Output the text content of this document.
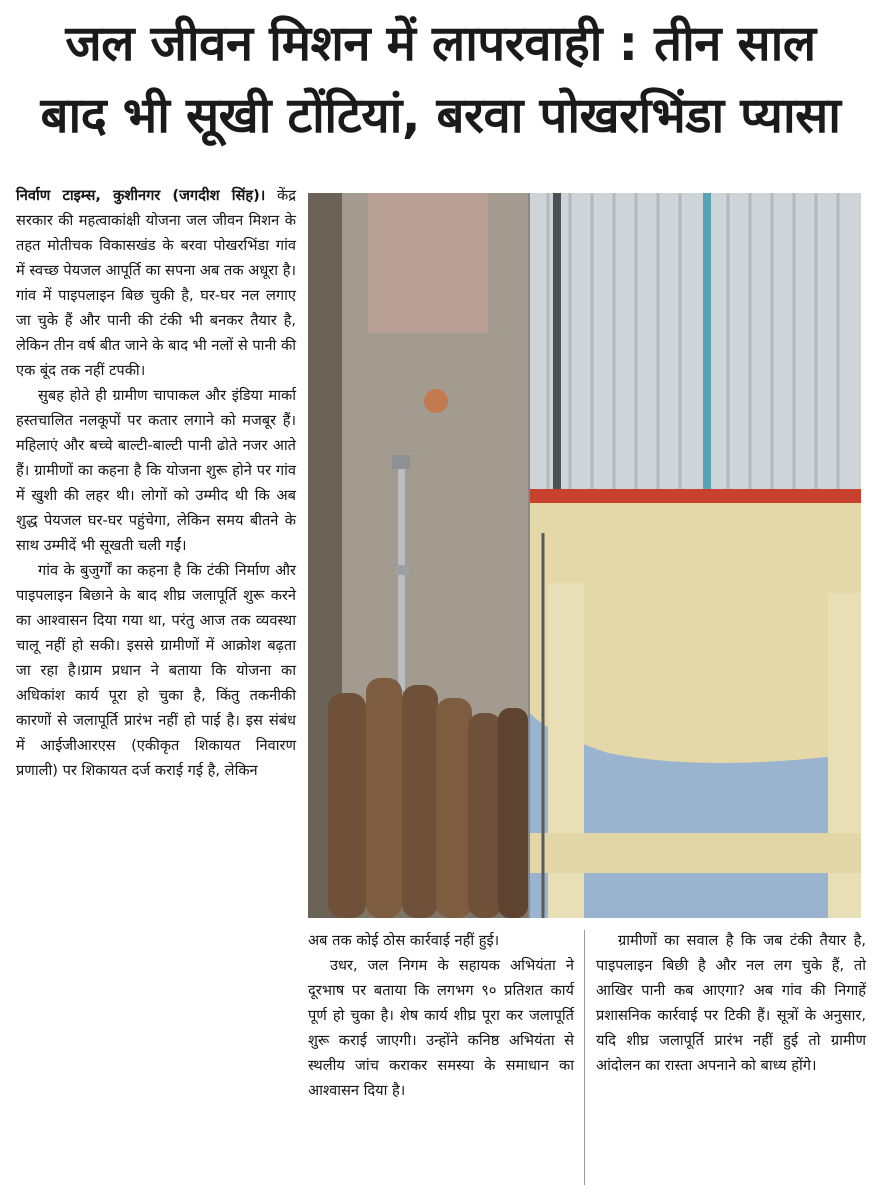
जल जीवन मिशन में लापरवाही : तीन साल
बाद भी सूखी टोंटियां, बरवा पोखरभिंडा प्यासा

निर्वाण टाइम्स, कुशीनगर (जगदीश सिंह)। केंद्र सरकार की महत्वाकांक्षी योजना जल जीवन मिशन के तहत मोतीचक विकासखंड के बरवा पोखरभिंडा गांव में स्वच्छ पेयजल आपूर्ति का सपना अब तक अधूरा है। गांव में पाइपलाइन बिछ चुकी है, घर-घर नल लगाए जा चुके हैं और पानी की टंकी भी बनकर तैयार है, लेकिन तीन वर्ष बीत जाने के बाद भी नलों से पानी की एक बूंद तक नहीं टपकी।

सुबह होते ही ग्रामीण चापाकल और इंडिया मार्का हस्तचालित नलकूपों पर कतार लगाने को मजबूर हैं। महिलाएं और बच्चे बाल्टी-बाल्टी पानी ढोते नजर आते हैं। ग्रामीणों का कहना है कि योजना शुरू होने पर गांव में खुशी की लहर थी। लोगों को उम्मीद थी कि अब शुद्ध पेयजल घर-घर पहुंचेगा, लेकिन समय बीतने के साथ उम्मीदें भी सूखती चली गईं।

गांव के बुजुर्गों का कहना है कि टंकी निर्माण और पाइपलाइन बिछाने के बाद शीघ्र जलापूर्ति शुरू करने का आश्वासन दिया गया था, परंतु आज तक व्यवस्था चालू नहीं हो सकी। इससे ग्रामीणों में आक्रोश बढ़ता जा रहा है।ग्राम प्रधान ने बताया कि योजना का अधिकांश कार्य पूरा हो चुका है, किंतु तकनीकी कारणों से जलापूर्ति प्रारंभ नहीं हो पाई है। इस संबंध में आईजीआरएस (एकीकृत शिकायत निवारण प्रणाली) पर शिकायत दर्ज कराई गई है, लेकिन

अब तक कोई ठोस कार्रवाई नहीं हुई।

उधर, जल निगम के सहायक अभियंता ने दूरभाष पर बताया कि लगभग ९० प्रतिशत कार्य पूर्ण हो चुका है। शेष कार्य शीघ्र पूरा कर जलापूर्ति शुरू कराई जाएगी। उन्होंने कनिष्ठ अभियंता से स्थलीय जांच कराकर समस्या के समाधान का आश्वासन दिया है।

ग्रामीणों का सवाल है कि जब टंकी तैयार है, पाइपलाइन बिछी है और नल लग चुके हैं, तो आखिर पानी कब आएगा? अब गांव की निगाहें प्रशासनिक कार्रवाई पर टिकी हैं। सूत्रों के अनुसार, यदि शीघ्र जलापूर्ति प्रारंभ नहीं हुई तो ग्रामीण आंदोलन का रास्ता अपनाने को बाध्य होंगे।
